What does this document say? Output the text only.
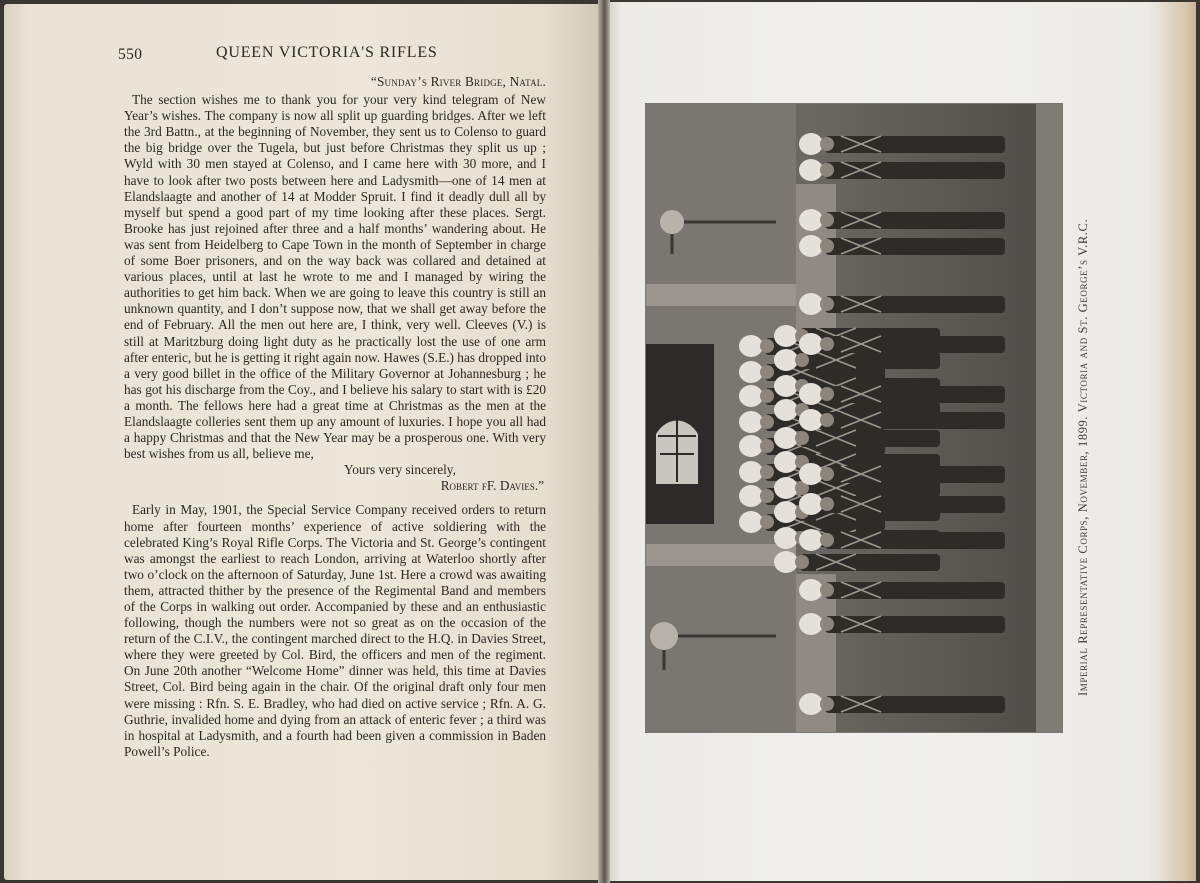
550	QUEEN VICTORIA'S RIFLES
“Sunday’s River Bridge, Natal.

The section wishes me to thank you for your very kind telegram of New Year’s wishes. The company is now all split up guarding bridges. After we left the 3rd Battn., at the beginning of November, they sent us to Colenso to guard the big bridge over the Tugela, but just before Christmas they split us up ; Wyld with 30 men stayed at Colenso, and I came here with 30 more, and I have to look after two posts between here and Ladysmith—one of 14 men at Elandslaagte and another of 14 at Modder Spruit. I find it deadly dull all by myself but spend a good part of my time looking after these places. Sergt. Brooke has just rejoined after three and a half months’ wandering about. He was sent from Heidelberg to Cape Town in the month of September in charge of some Boer prisoners, and on the way back was collared and detained at various places, until at last he wrote to me and I managed by wiring the authorities to get him back. When we are going to leave this country is still an unknown quantity, and I don’t suppose now, that we shall get away before the end of February. All the men out here are, I think, very well. Cleeves (V.) is still at Maritzburg doing light duty as he practically lost the use of one arm after enteric, but he is getting it right again now. Hawes (S.E.) has dropped into a very good billet in the office of the Military Governor at Johannesburg ; he has got his discharge from the Coy., and I believe his salary to start with is £20 a month. The fellows here had a great time at Christmas as the men at the Elandslaagte colleries sent them up any amount of luxuries. I hope you all had a happy Christmas and that the New Year may be a prosperous one. With very best wishes from us all, believe me,

Yours very sincerely,
Robert fF. Davies.”

Early in May, 1901, the Special Service Company received orders to return home after fourteen months’ experience of active soldiering with the celebrated King’s Royal Rifle Corps. The Victoria and St. George’s contingent was amongst the earliest to reach London, arriving at Waterloo shortly after two o’clock on the afternoon of Saturday, June 1st. Here a crowd was awaiting them, attracted thither by the presence of the Regimental Band and members of the Corps in walking out order. Accompanied by these and an enthusiastic following, though the numbers were not so great as on the occasion of the return of the C.I.V., the contingent marched direct to the H.Q. in Davies Street, where they were greeted by Col. Bird, the officers and men of the regiment. On June 20th another “Welcome Home” dinner was held, this time at Davies Street, Col. Bird being again in the chair. Of the original draft only four men were missing : Rfn. S. E. Bradley, who had died on active service ; Rfn. A. G. Guthrie, invalided home and dying from an attack of enteric fever ; a third was in hospital at Ladysmith, and a fourth had been given a commission in Baden Powell’s Police.

Imperial Representative Corps, November, 1899. Victoria and St. George’s V.R.C.
